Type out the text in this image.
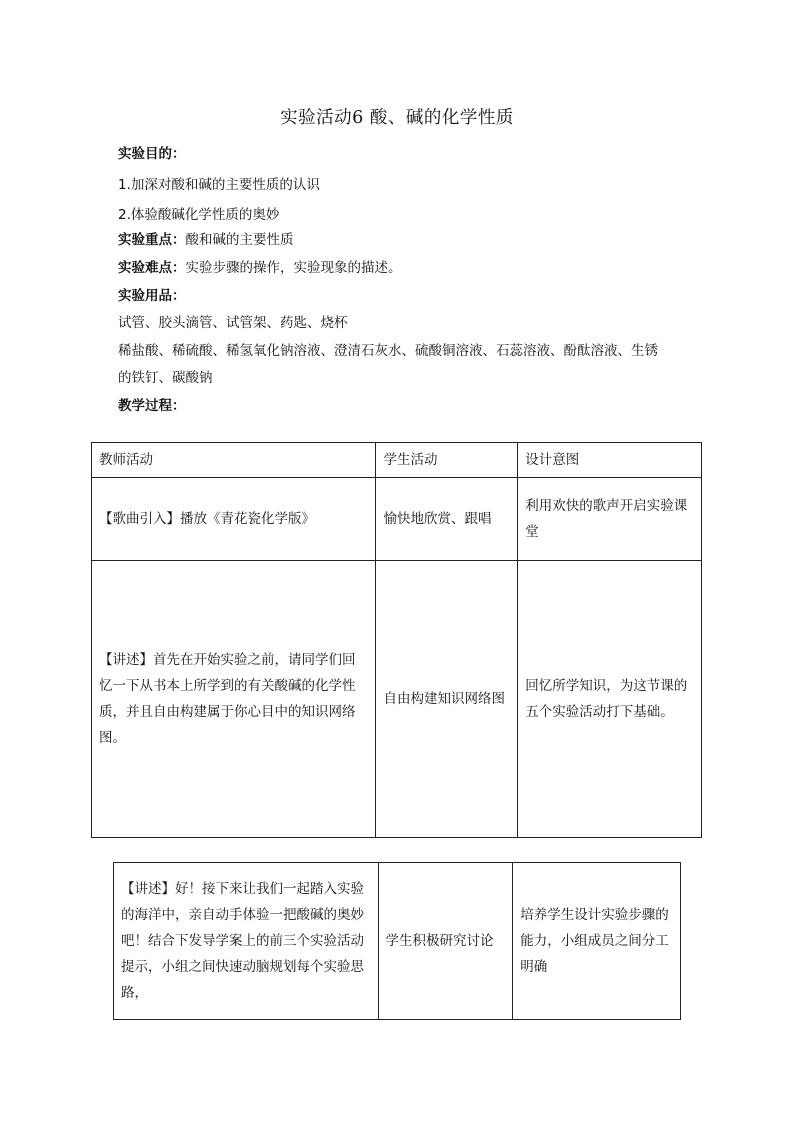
实验活动6 酸、碱的化学性质
实验目的：
1.加深对酸和碱的主要性质的认识
2.体验酸碱化学性质的奥妙
实验重点：酸和碱的主要性质
实验难点：实验步骤的操作，实验现象的描述。
实验用品：
试管、胶头滴管、试管架、药匙、烧杯
稀盐酸、稀硫酸、稀氢氧化钠溶液、澄清石灰水、硫酸铜溶液、石蕊溶液、酚酞溶液、生锈
的铁钉、碳酸钠
教学过程：
教师活动	学生活动	设计意图
【歌曲引入】播放《青花瓷化学版》	愉快地欣赏、跟唱	利用欢快的歌声开启实验课堂
【讲述】首先在开始实验之前，请同学们回忆一下从书本上所学到的有关酸碱的化学性质，并且自由构建属于你心目中的知识网络图。	自由构建知识网络图	回忆所学知识，为这节课的五个实验活动打下基础。
【讲述】好！接下来让我们一起踏入实验的海洋中，亲自动手体验一把酸碱的奥妙吧！结合下发导学案上的前三个实验活动提示，小组之间快速动脑规划每个实验思路，	学生积极研究讨论	培养学生设计实验步骤的能力，小组成员之间分工明确
